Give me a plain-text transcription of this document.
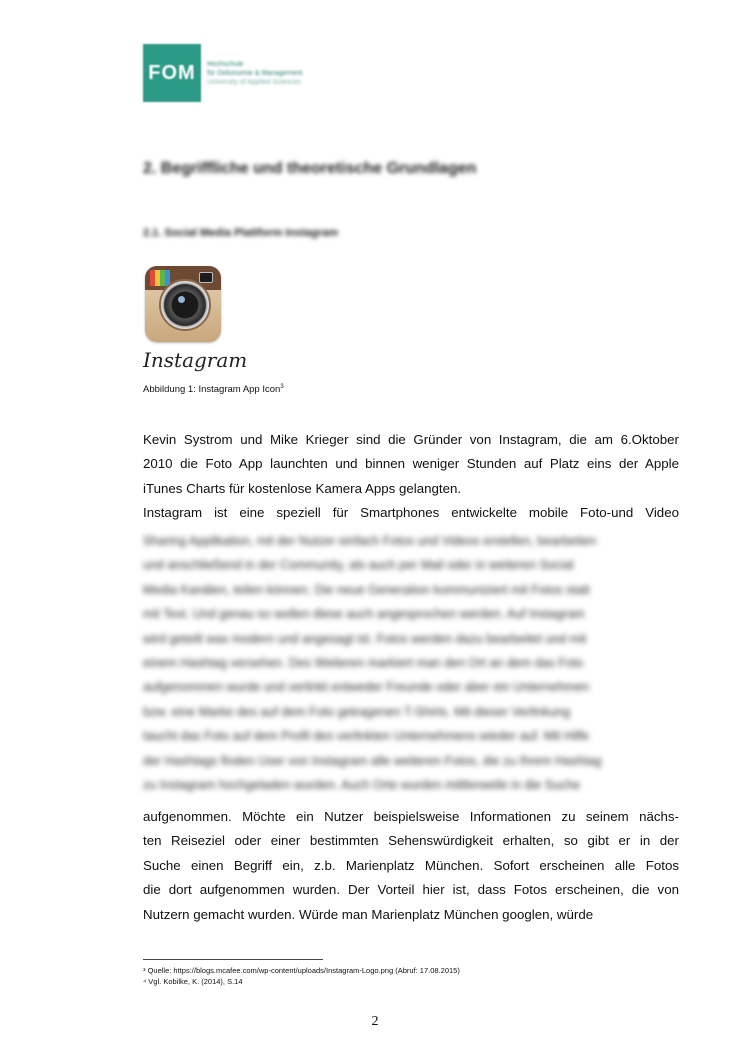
FOM	Hochschule
für Oekonomie & Management
University of Applied Sciences
2. Begriffliche und theoretische Grundlagen
2.1. Social Media Plattform Instagram
Instagram
Abbildung 1: Instagram App Icon$^3$
Kevin Systrom und Mike Krieger sind die Gründer von Instagram, die am 6.Oktober
2010 die Foto App launchten und binnen weniger Stunden auf Platz eins der Apple
iTunes Charts für kostenlose Kamera Apps gelangten.
Instagram ist eine speziell für Smartphones entwickelte mobile Foto-und Video
Sharing Applikation, mit der Nutzer einfach Fotos und Videos erstellen, bearbeiten
und anschließend in der Community, als auch per Mail oder in weiteren Social
Media Kanälen, teilen können. Die neue Generation kommuniziert mit Fotos statt
mit Text. Und genau so wollen diese auch angesprochen werden. Auf Instagram
wird geteilt was modern und angesagt ist. Fotos werden dazu bearbeitet und mit
einem Hashtag versehen. Des Weiteren markiert man den Ort an dem das Foto
aufgenommen wurde und verlinkt entweder Freunde oder aber ein Unternehmen
bzw. eine Marke des auf dem Foto getragenen T-Shirts. Mit dieser Verlinkung
taucht das Foto auf dem Profil des verlinkten Unternehmens wieder auf. Mit Hilfe
der Hashtags finden User von Instagram alle weiteren Fotos, die zu Ihrem Hashtag
zu Instagram hochgeladen wurden. Auch Orte wurden mittlerweile in die Suche
aufgenommen. Möchte ein Nutzer beispielsweise Informationen zu seinem nächs-
ten Reiseziel oder einer bestimmten Sehenswürdigkeit erhalten, so gibt er in der
Suche einen Begriff ein, z.b. Marienplatz München. Sofort erscheinen alle Fotos
die dort aufgenommen wurden. Der Vorteil hier ist, dass Fotos erscheinen, die von
Nutzern gemacht wurden. Würde man Marienplatz München googlen, würde
³ Quelle: https://blogs.mcafee.com/wp-content/uploads/Instagram-Logo.png (Abruf: 17.08.2015)
⁴ Vgl. Kobilke, K. (2014), S.14
2
